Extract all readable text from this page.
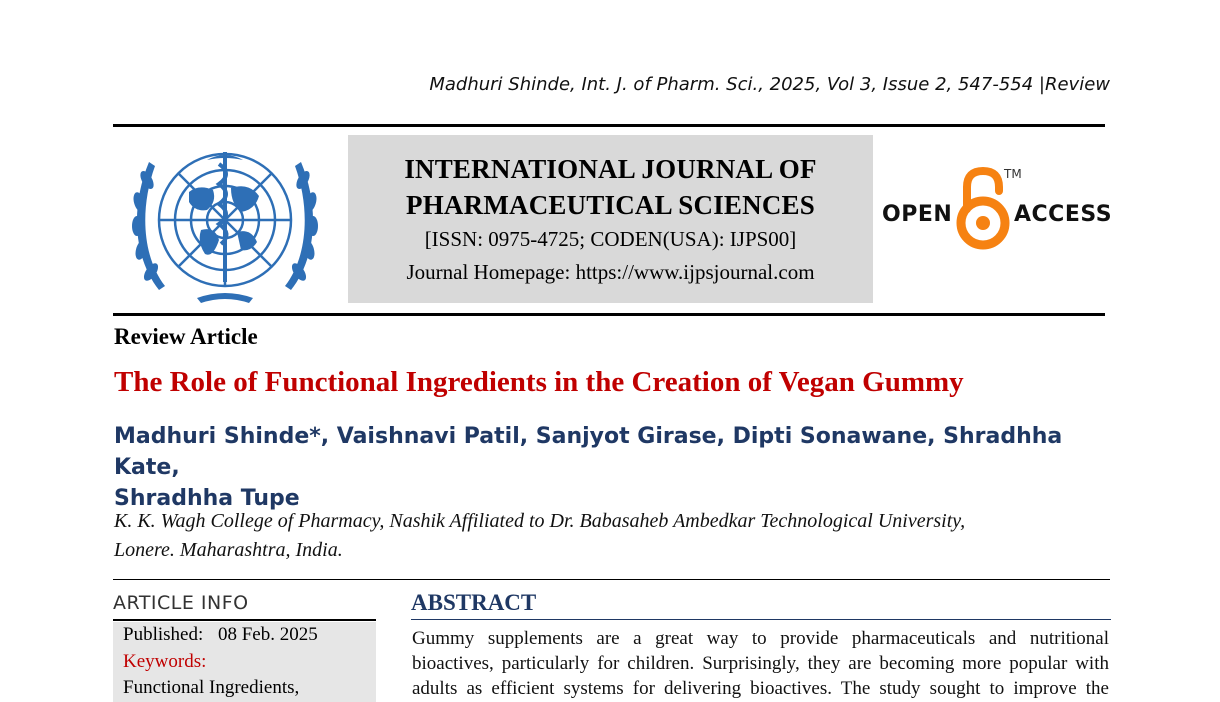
Madhuri Shinde, Int. J. of Pharm. Sci., 2025, Vol 3, Issue 2, 547-554 |Review
INTERNATIONAL JOURNAL OF
PHARMACEUTICAL SCIENCES
[ISSN: 0975-4725; CODEN(USA): IJPS00]
Journal Homepage: https://www.ijpsjournal.com
OPEN
TM
ACCESS
Review Article
The Role of Functional Ingredients in the Creation of Vegan Gummy
Madhuri Shinde*, Vaishnavi Patil, Sanjyot Girase, Dipti Sonawane, Shradhha Kate,
Shradhha Tupe
K. K. Wagh College of Pharmacy, Nashik Affiliated to Dr. Babasaheb Ambedkar Technological University,
Lonere. Maharashtra, India.
ARTICLE INFO
Published: 08 Feb. 2025
Keywords:
Functional Ingredients,
ABSTRACT
Gummy supplements are a great way to provide pharmaceuticals and nutritional
bioactives, particularly for children. Surprisingly, they are becoming more popular with
adults as efficient systems for delivering bioactives. The study sought to improve the
